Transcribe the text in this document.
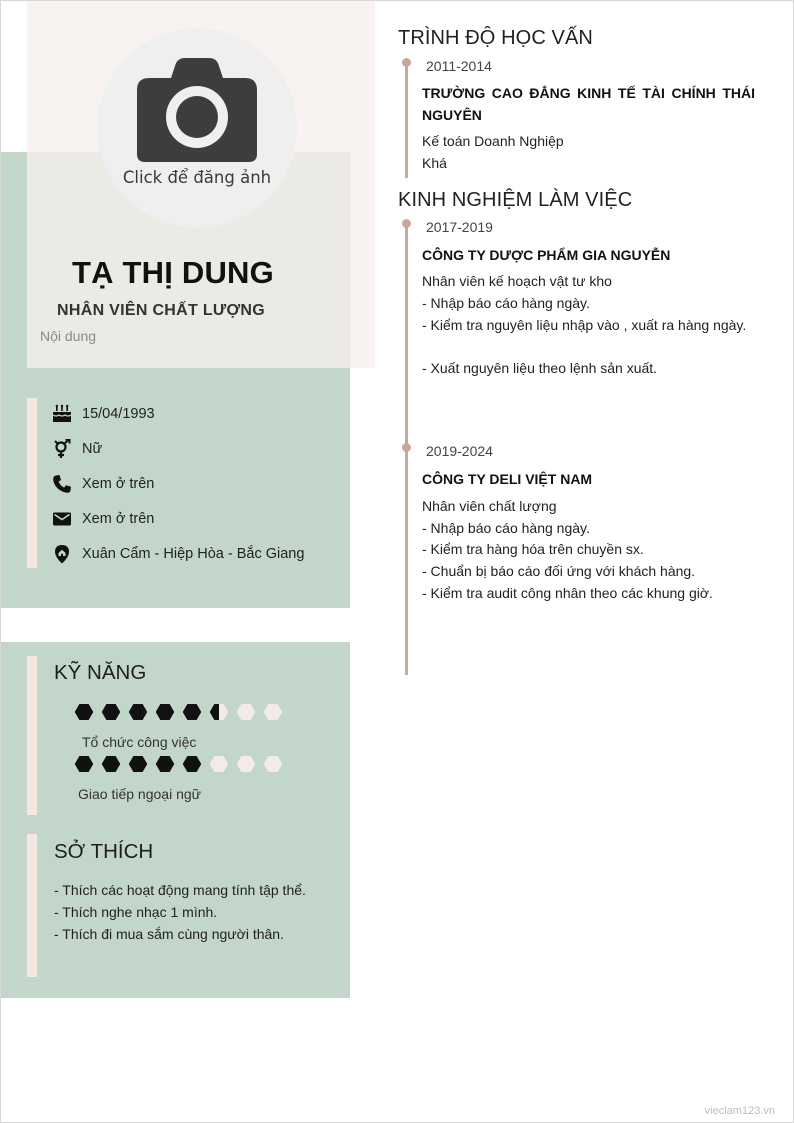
Click để đăng ảnh
TẠ THỊ DUNG
NHÂN VIÊN CHẤT LƯỢNG
Nội dung
15/04/1993
Nữ
Xem ở trên
Xem ở trên
Xuân Cẩm - Hiệp Hòa - Bắc Giang
KỸ NĂNG
Tổ chức công việc
Giao tiếp ngoại ngữ
SỞ THÍCH
- Thích các hoạt động mang tính tập thể.
- Thích nghe nhạc 1 mình.
- Thích đi mua sắm cùng người thân.
TRÌNH ĐỘ HỌC VẤN
2011-2014
TRƯỜNG CAO ĐẲNG KINH TẾ TÀI CHÍNH THÁI NGUYÊN
Kế toán Doanh Nghiệp
Khá
KINH NGHIỆM LÀM VIỆC
2017-2019
CÔNG TY DƯỢC PHẨM GIA NGUYỄN
Nhân viên kế hoạch vật tư kho
- Nhập báo cáo hàng ngày.
- Kiểm tra nguyên liệu nhập vào , xuất ra hàng ngày.
- Xuất nguyên liệu theo lệnh sản xuất.
2019-2024
CÔNG TY DELI VIỆT NAM
Nhân viên chất lượng
- Nhập báo cáo hàng ngày.
- Kiểm tra hàng hóa trên chuyền sx.
- Chuẩn bị báo cáo đối ứng với khách hàng.
- Kiểm tra audit công nhân theo các khung giờ.
vieclam123.vn
